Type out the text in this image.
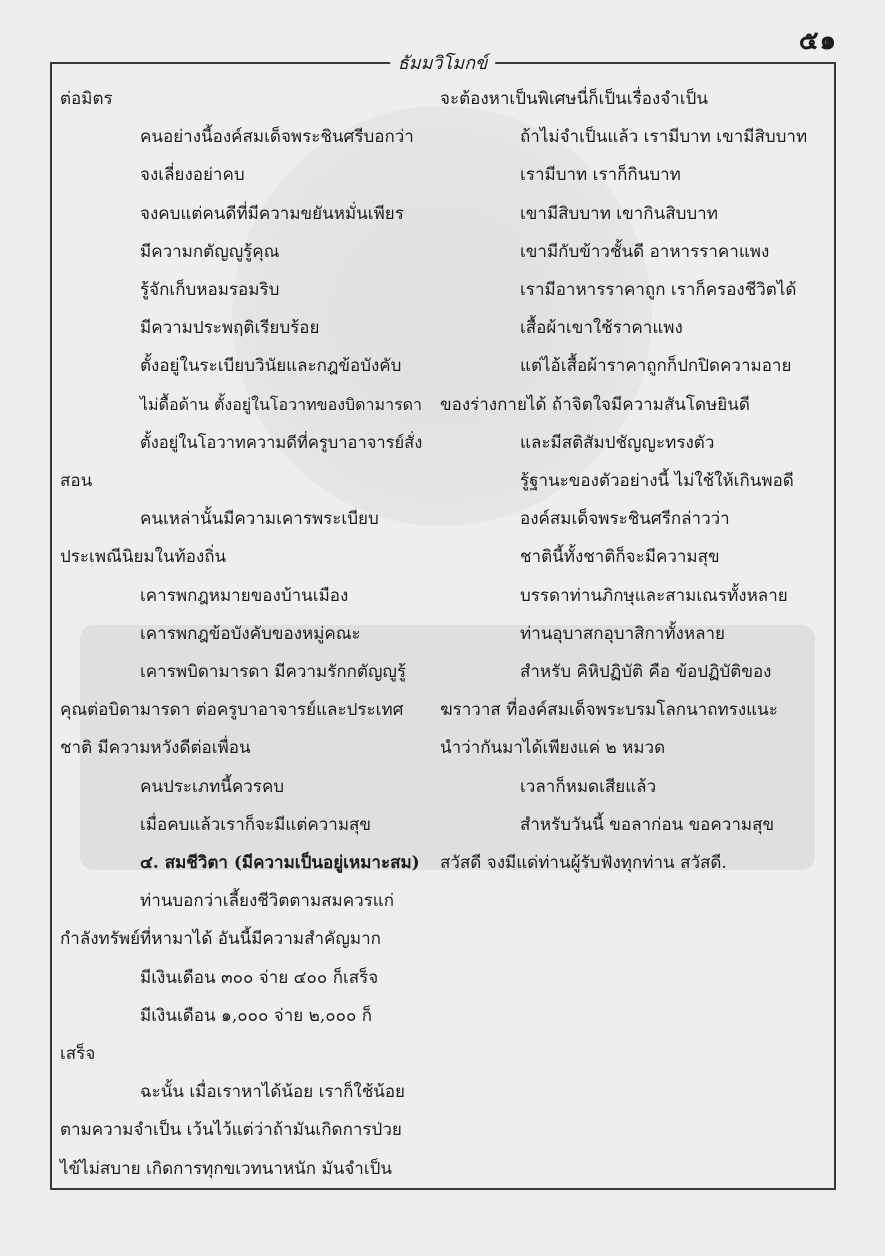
๕๑
ธัมมวิโมกข์
ต่อมิตร
คนอย่างนี้องค์สมเด็จพระชินศรีบอกว่า
จงเลี่ยงอย่าคบ
จงคบแต่คนดีที่มีความขยันหมั่นเพียร
มีความกตัญญูรู้คุณ
รู้จักเก็บหอมรอมริบ
มีความประพฤติเรียบร้อย
ตั้งอยู่ในระเบียบวินัยและกฎข้อบังคับ
ไม่ดื้อด้าน ตั้งอยู่ในโอวาทของบิดามารดา
ตั้งอยู่ในโอวาทความดีที่ครูบาอาจารย์สั่ง
สอน
คนเหล่านั้นมีความเคารพระเบียบ
ประเพณีนิยมในท้องถิ่น
เคารพกฎหมายของบ้านเมือง
เคารพกฎข้อบังคับของหมู่คณะ
เคารพบิดามารดา มีความรักกตัญญูรู้
คุณต่อบิดามารดา ต่อครูบาอาจารย์และประเทศ
ชาติ มีความหวังดีต่อเพื่อน
คนประเภทนี้ควรคบ
เมื่อคบแล้วเราก็จะมีแต่ความสุข
๔. สมชีวิตา (มีความเป็นอยู่เหมาะสม)
ท่านบอกว่าเลี้ยงชีวิตตามสมควรแก่
กำลังทรัพย์ที่หามาได้ อันนี้มีความสำคัญมาก
มีเงินเดือน ๓๐๐ จ่าย ๔๐๐ ก็เสร็จ
มีเงินเดือน ๑,๐๐๐ จ่าย ๒,๐๐๐ ก็
เสร็จ
ฉะนั้น เมื่อเราหาได้น้อย เราก็ใช้น้อย
ตามความจำเป็น เว้นไว้แต่ว่าถ้ามันเกิดการป่วย
ไข้ไม่สบาย เกิดการทุกขเวทนาหนัก มันจำเป็น
จะต้องหาเป็นพิเศษนี่ก็เป็นเรื่องจำเป็น
ถ้าไม่จำเป็นแล้ว เรามีบาท เขามีสิบบาท
เรามีบาท เราก็กินบาท
เขามีสิบบาท เขากินสิบบาท
เขามีกับข้าวชั้นดี อาหารราคาแพง
เรามีอาหารราคาถูก เราก็ครองชีวิตได้
เสื้อผ้าเขาใช้ราคาแพง
แต่ไอ้เสื้อผ้าราคาถูกก็ปกปิดความอาย
ของร่างกายได้ ถ้าจิตใจมีความสันโดษยินดี
และมีสติสัมปชัญญะทรงตัว
รู้ฐานะของตัวอย่างนี้ ไม่ใช้ให้เกินพอดี
องค์สมเด็จพระชินศรีกล่าวว่า
ชาตินี้ทั้งชาติก็จะมีความสุข
บรรดาท่านภิกษุและสามเณรทั้งหลาย
ท่านอุบาสกอุบาสิกาทั้งหลาย
สำหรับ คิหิปฏิบัติ คือ ข้อปฏิบัติของ
ฆราวาส ที่องค์สมเด็จพระบรมโลกนาถทรงแนะ
นำว่ากันมาได้เพียงแค่ ๒ หมวด
เวลาก็หมดเสียแล้ว
สำหรับวันนี้ ขอลาก่อน ขอความสุข
สวัสดี จงมีแด่ท่านผู้รับฟังทุกท่าน สวัสดี.
